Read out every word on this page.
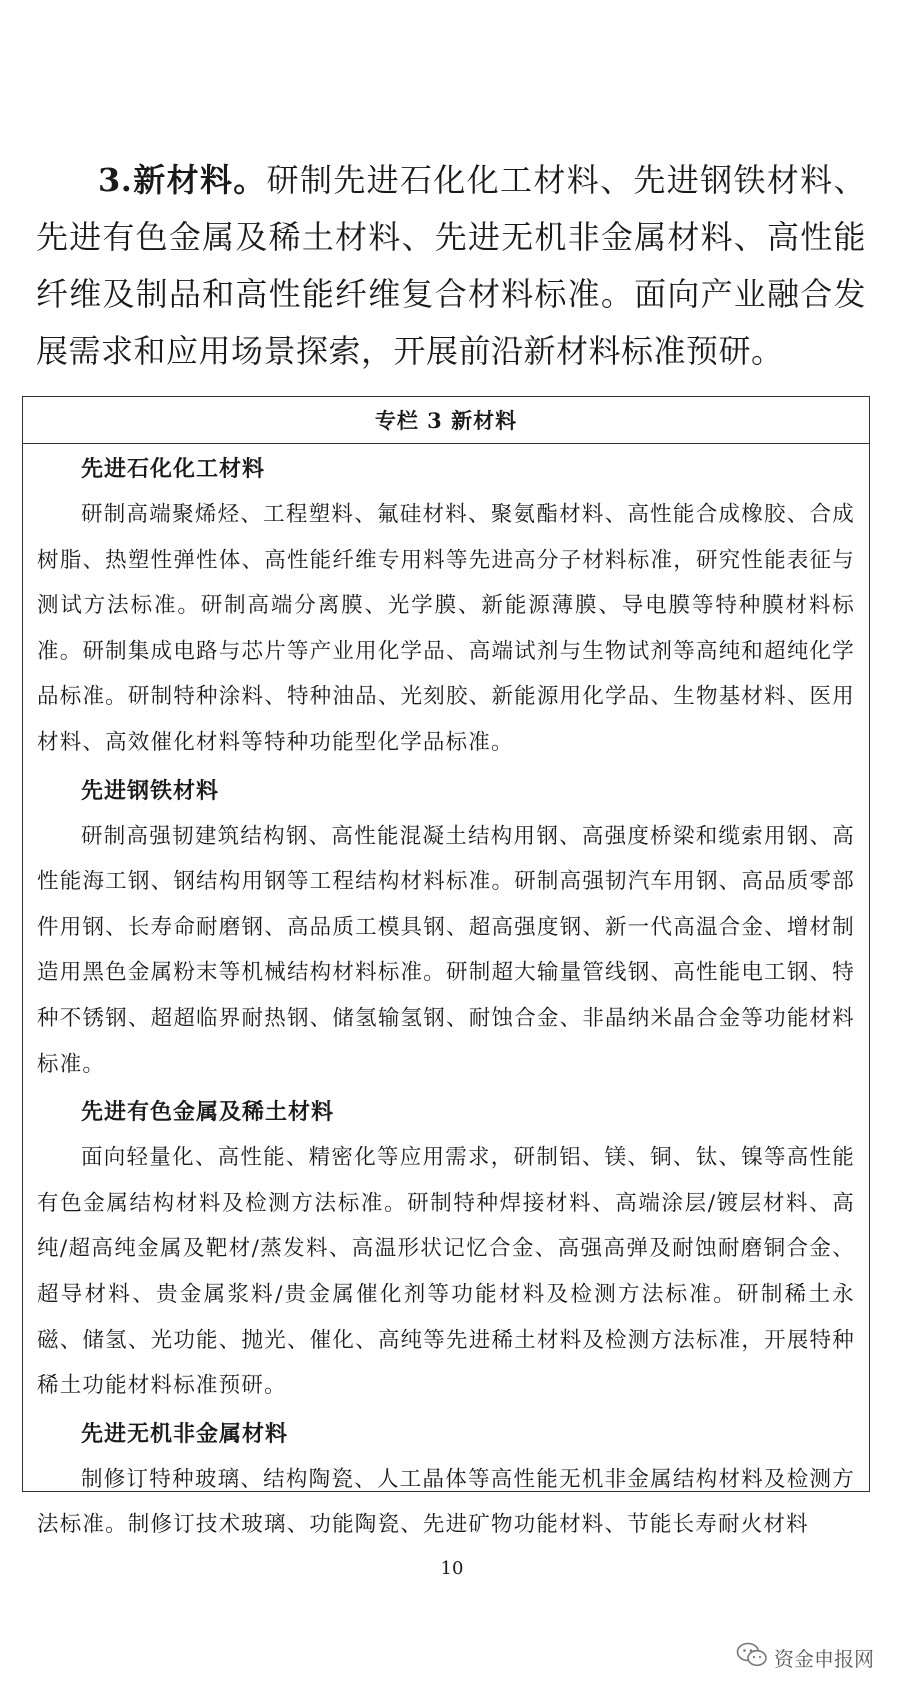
3.新材料。研制先进石化化工材料、先进钢铁材料、先进有色金属及稀土材料、先进无机非金属材料、高性能纤维及制品和高性能纤维复合材料标准。面向产业融合发展需求和应用场景探索，开展前沿新材料标准预研。
专栏 3 新材料
先进石化化工材料

研制高端聚烯烃、工程塑料、氟硅材料、聚氨酯材料、高性能合成橡胶、合成树脂、热塑性弹性体、高性能纤维专用料等先进高分子材料标准，研究性能表征与测试方法标准。研制高端分离膜、光学膜、新能源薄膜、导电膜等特种膜材料标准。研制集成电路与芯片等产业用化学品、高端试剂与生物试剂等高纯和超纯化学品标准。研制特种涂料、特种油品、光刻胶、新能源用化学品、生物基材料、医用材料、高效催化材料等特种功能型化学品标准。

先进钢铁材料

研制高强韧建筑结构钢、高性能混凝土结构用钢、高强度桥梁和缆索用钢、高性能海工钢、钢结构用钢等工程结构材料标准。研制高强韧汽车用钢、高品质零部件用钢、长寿命耐磨钢、高品质工模具钢、超高强度钢、新一代高温合金、增材制造用黑色金属粉末等机械结构材料标准。研制超大输量管线钢、高性能电工钢、特种不锈钢、超超临界耐热钢、储氢输氢钢、耐蚀合金、非晶纳米晶合金等功能材料标准。

先进有色金属及稀土材料

面向轻量化、高性能、精密化等应用需求，研制铝、镁、铜、钛、镍等高性能有色金属结构材料及检测方法标准。研制特种焊接材料、高端涂层/镀层材料、高纯/超高纯金属及靶材/蒸发料、高温形状记忆合金、高强高弹及耐蚀耐磨铜合金、超导材料、贵金属浆料/贵金属催化剂等功能材料及检测方法标准。研制稀土永磁、储氢、光功能、抛光、催化、高纯等先进稀土材料及检测方法标准，开展特种稀土功能材料标准预研。

先进无机非金属材料

制修订特种玻璃、结构陶瓷、人工晶体等高性能无机非金属结构材料及检测方法标准。制修订技术玻璃、功能陶瓷、先进矿物功能材料、节能长寿耐火材料

10
资金申报网
